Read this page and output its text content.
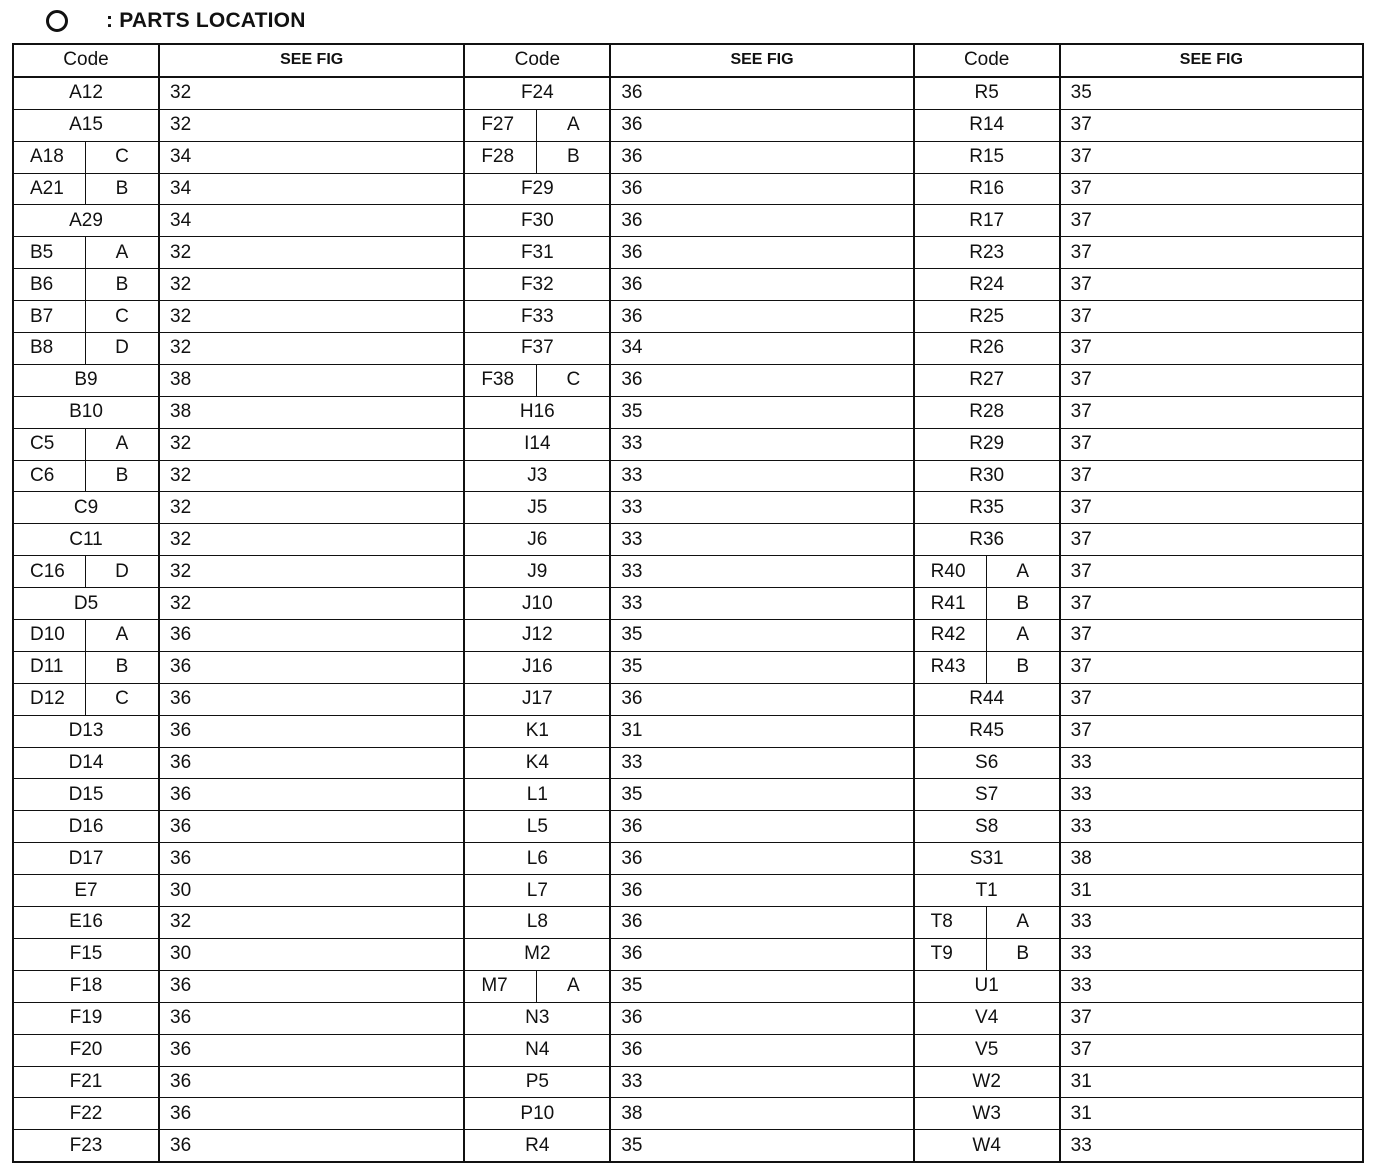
: PARTS LOCATION
Code	SEE FIG
A12	32
A15	32
A18	C	34
A21	B	34
A29	34
B5	A	32
B6	B	32
B7	C	32
B8	D	32
B9	38
B10	38
C5	A	32
C6	B	32
C9	32
C11	32
C16	D	32
D5	32
D10	A	36
D11	B	36
D12	C	36
D13	36
D14	36
D15	36
D16	36
D17	36
E7	30
E16	32
F15	30
F18	36
F19	36
F20	36
F21	36
F22	36
F23	36
Code	SEE FIG
F24	36
F27	A	36
F28	B	36
F29	36
F30	36
F31	36
F32	36
F33	36
F37	34
F38	C	36
H16	35
I14	33
J3	33
J5	33
J6	33
J9	33
J10	33
J12	35
J16	35
J17	36
K1	31
K4	33
L1	35
L5	36
L6	36
L7	36
L8	36
M2	36
M7	A	35
N3	36
N4	36
P5	33
P10	38
R4	35
Code	SEE FIG
R5	35
R14	37
R15	37
R16	37
R17	37
R23	37
R24	37
R25	37
R26	37
R27	37
R28	37
R29	37
R30	37
R35	37
R36	37
R40	A	37
R41	B	37
R42	A	37
R43	B	37
R44	37
R45	37
S6	33
S7	33
S8	33
S31	38
T1	31
T8	A	33
T9	B	33
U1	33
V4	37
V5	37
W2	31
W3	31
W4	33
